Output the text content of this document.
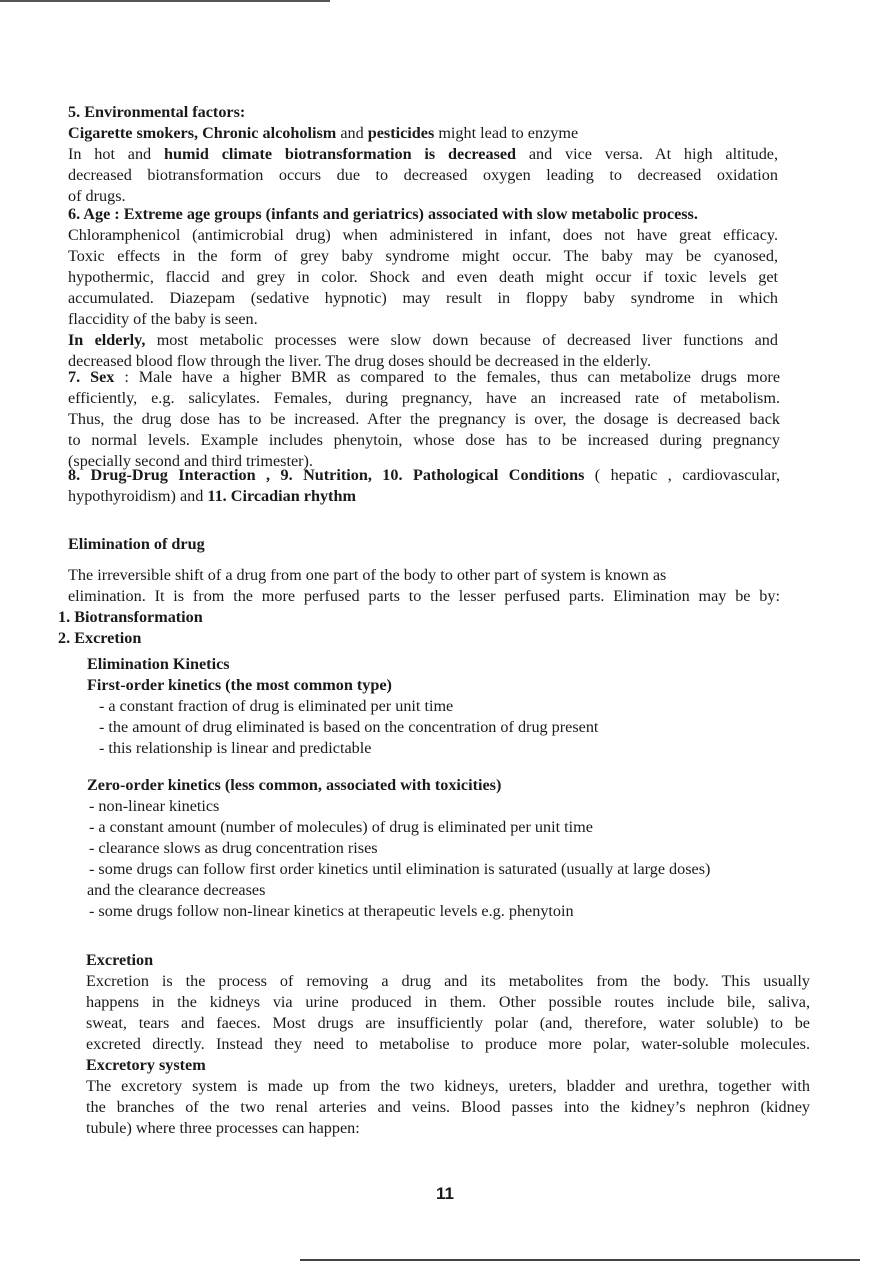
5. Environmental factors:
Cigarette smokers, Chronic alcoholism and pesticides might lead to enzyme
In hot and humid climate biotransformation is decreased and vice versa. At high altitude,
decreased biotransformation occurs due to decreased oxygen leading to decreased oxidation
of drugs.
6. Age : Extreme age groups (infants and geriatrics) associated with slow metabolic process.
Chloramphenicol (antimicrobial drug) when administered in infant, does not have great efficacy.
Toxic effects in the form of grey baby syndrome might occur. The baby may be cyanosed,
hypothermic, flaccid and grey in color. Shock and even death might occur if toxic levels get
accumulated. Diazepam (sedative hypnotic) may result in floppy baby syndrome in which
flaccidity of the baby is seen.
In elderly, most metabolic processes were slow down because of decreased liver functions and
decreased blood flow through the liver. The drug doses should be decreased in the elderly.
7. Sex : Male have a higher BMR as compared to the females, thus can metabolize drugs more
efficiently, e.g. salicylates. Females, during pregnancy, have an increased rate of metabolism.
Thus, the drug dose has to be increased. After the pregnancy is over, the dosage is decreased back
to normal levels. Example includes phenytoin, whose dose has to be increased during pregnancy
(specially second and third trimester).
8. Drug-Drug Interaction , 9. Nutrition, 10. Pathological Conditions ( hepatic , cardiovascular,
hypothyroidism) and 11. Circadian rhythm
Elimination of drug
The irreversible shift of a drug from one part of the body to other part of system is known as
elimination. It is from the more perfused parts to the lesser perfused parts. Elimination may be by:
1. Biotransformation
2. Excretion
Elimination Kinetics
First-order kinetics (the most common type)
- a constant fraction of drug is eliminated per unit time
- the amount of drug eliminated is based on the concentration of drug present
- this relationship is linear and predictable
Zero-order kinetics (less common, associated with toxicities)
- non-linear kinetics
- a constant amount (number of molecules) of drug is eliminated per unit time
- clearance slows as drug concentration rises
- some drugs can follow first order kinetics until elimination is saturated (usually at large doses)
and the clearance decreases
- some drugs follow non-linear kinetics at therapeutic levels e.g. phenytoin
Excretion
Excretion is the process of removing a drug and its metabolites from the body. This usually
happens in the kidneys via urine produced in them. Other possible routes include bile, saliva,
sweat, tears and faeces. Most drugs are insufficiently polar (and, therefore, water soluble) to be
excreted directly. Instead they need to metabolise to produce more polar, water-soluble molecules.
Excretory system
The excretory system is made up from the two kidneys, ureters, bladder and urethra, together with
the branches of the two renal arteries and veins. Blood passes into the kidney’s nephron (kidney
tubule) where three processes can happen:
11
